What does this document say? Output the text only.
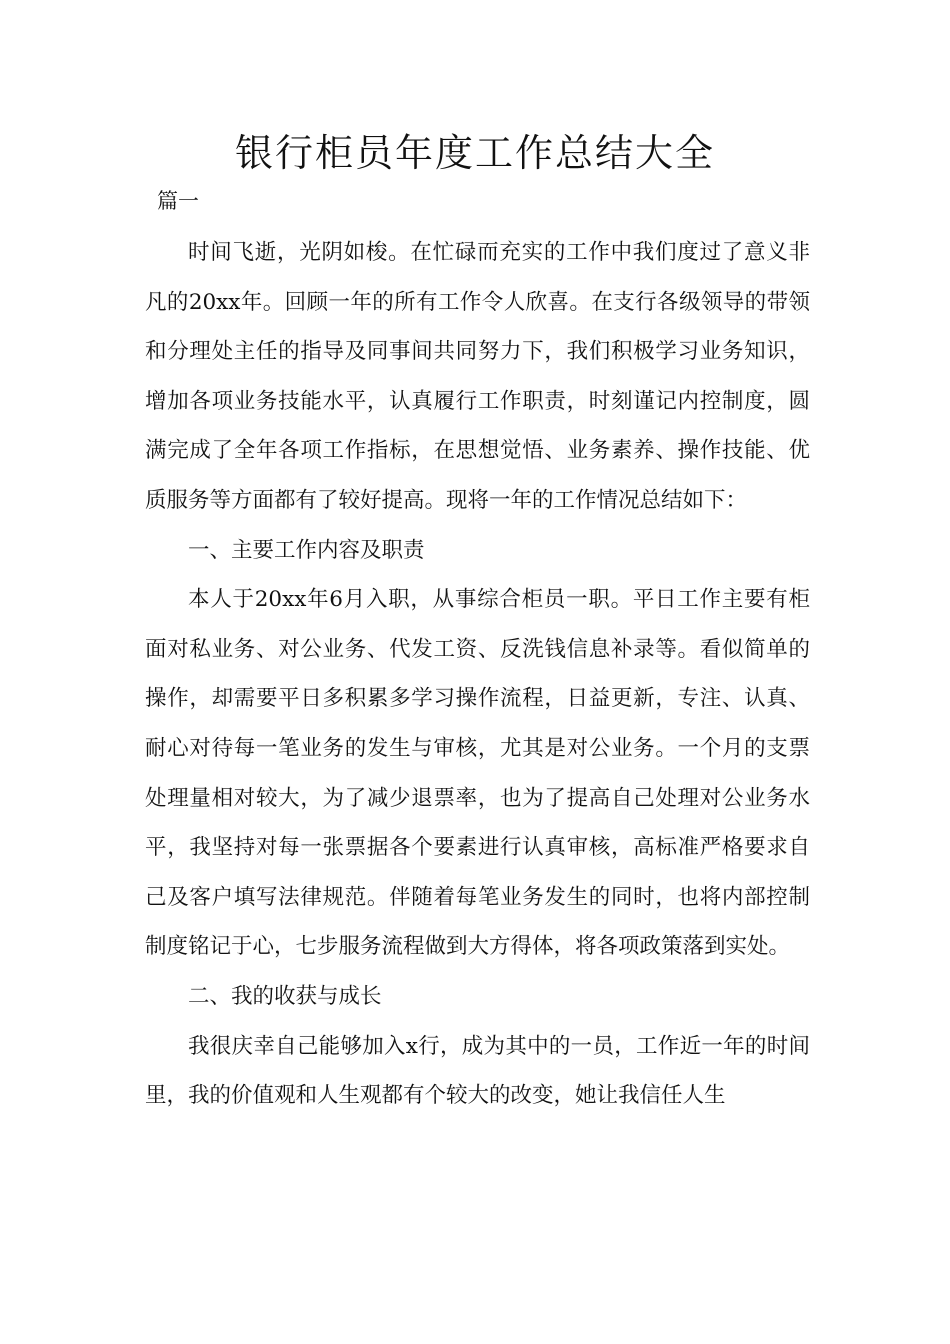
银行柜员年度工作总结大全
篇一

时间飞逝，光阴如梭。在忙碌而充实的工作中我们度过了意义非凡的20xx年。回顾一年的所有工作令人欣喜。在支行各级领导的带领和分理处主任的指导及同事间共同努力下，我们积极学习业务知识，增加各项业务技能水平，认真履行工作职责，时刻谨记内控制度，圆满完成了全年各项工作指标，在思想觉悟、业务素养、操作技能、优质服务等方面都有了较好提高。现将一年的工作情况总结如下：

一、主要工作内容及职责

本人于20xx年6月入职，从事综合柜员一职。平日工作主要有柜面对私业务、对公业务、代发工资、反洗钱信息补录等。看似简单的操作，却需要平日多积累多学习操作流程，日益更新，专注、认真、耐心对待每一笔业务的发生与审核，尤其是对公业务。一个月的支票处理量相对较大，为了减少退票率，也为了提高自己处理对公业务水平，我坚持对每一张票据各个要素进行认真审核，高标准严格要求自己及客户填写法律规范。伴随着每笔业务发生的同时，也将内部控制制度铭记于心，七步服务流程做到大方得体，将各项政策落到实处。

二、我的收获与成长

我很庆幸自己能够加入x行，成为其中的一员，工作近一年的时间里，我的价值观和人生观都有个较大的改变，她让我信任人生
